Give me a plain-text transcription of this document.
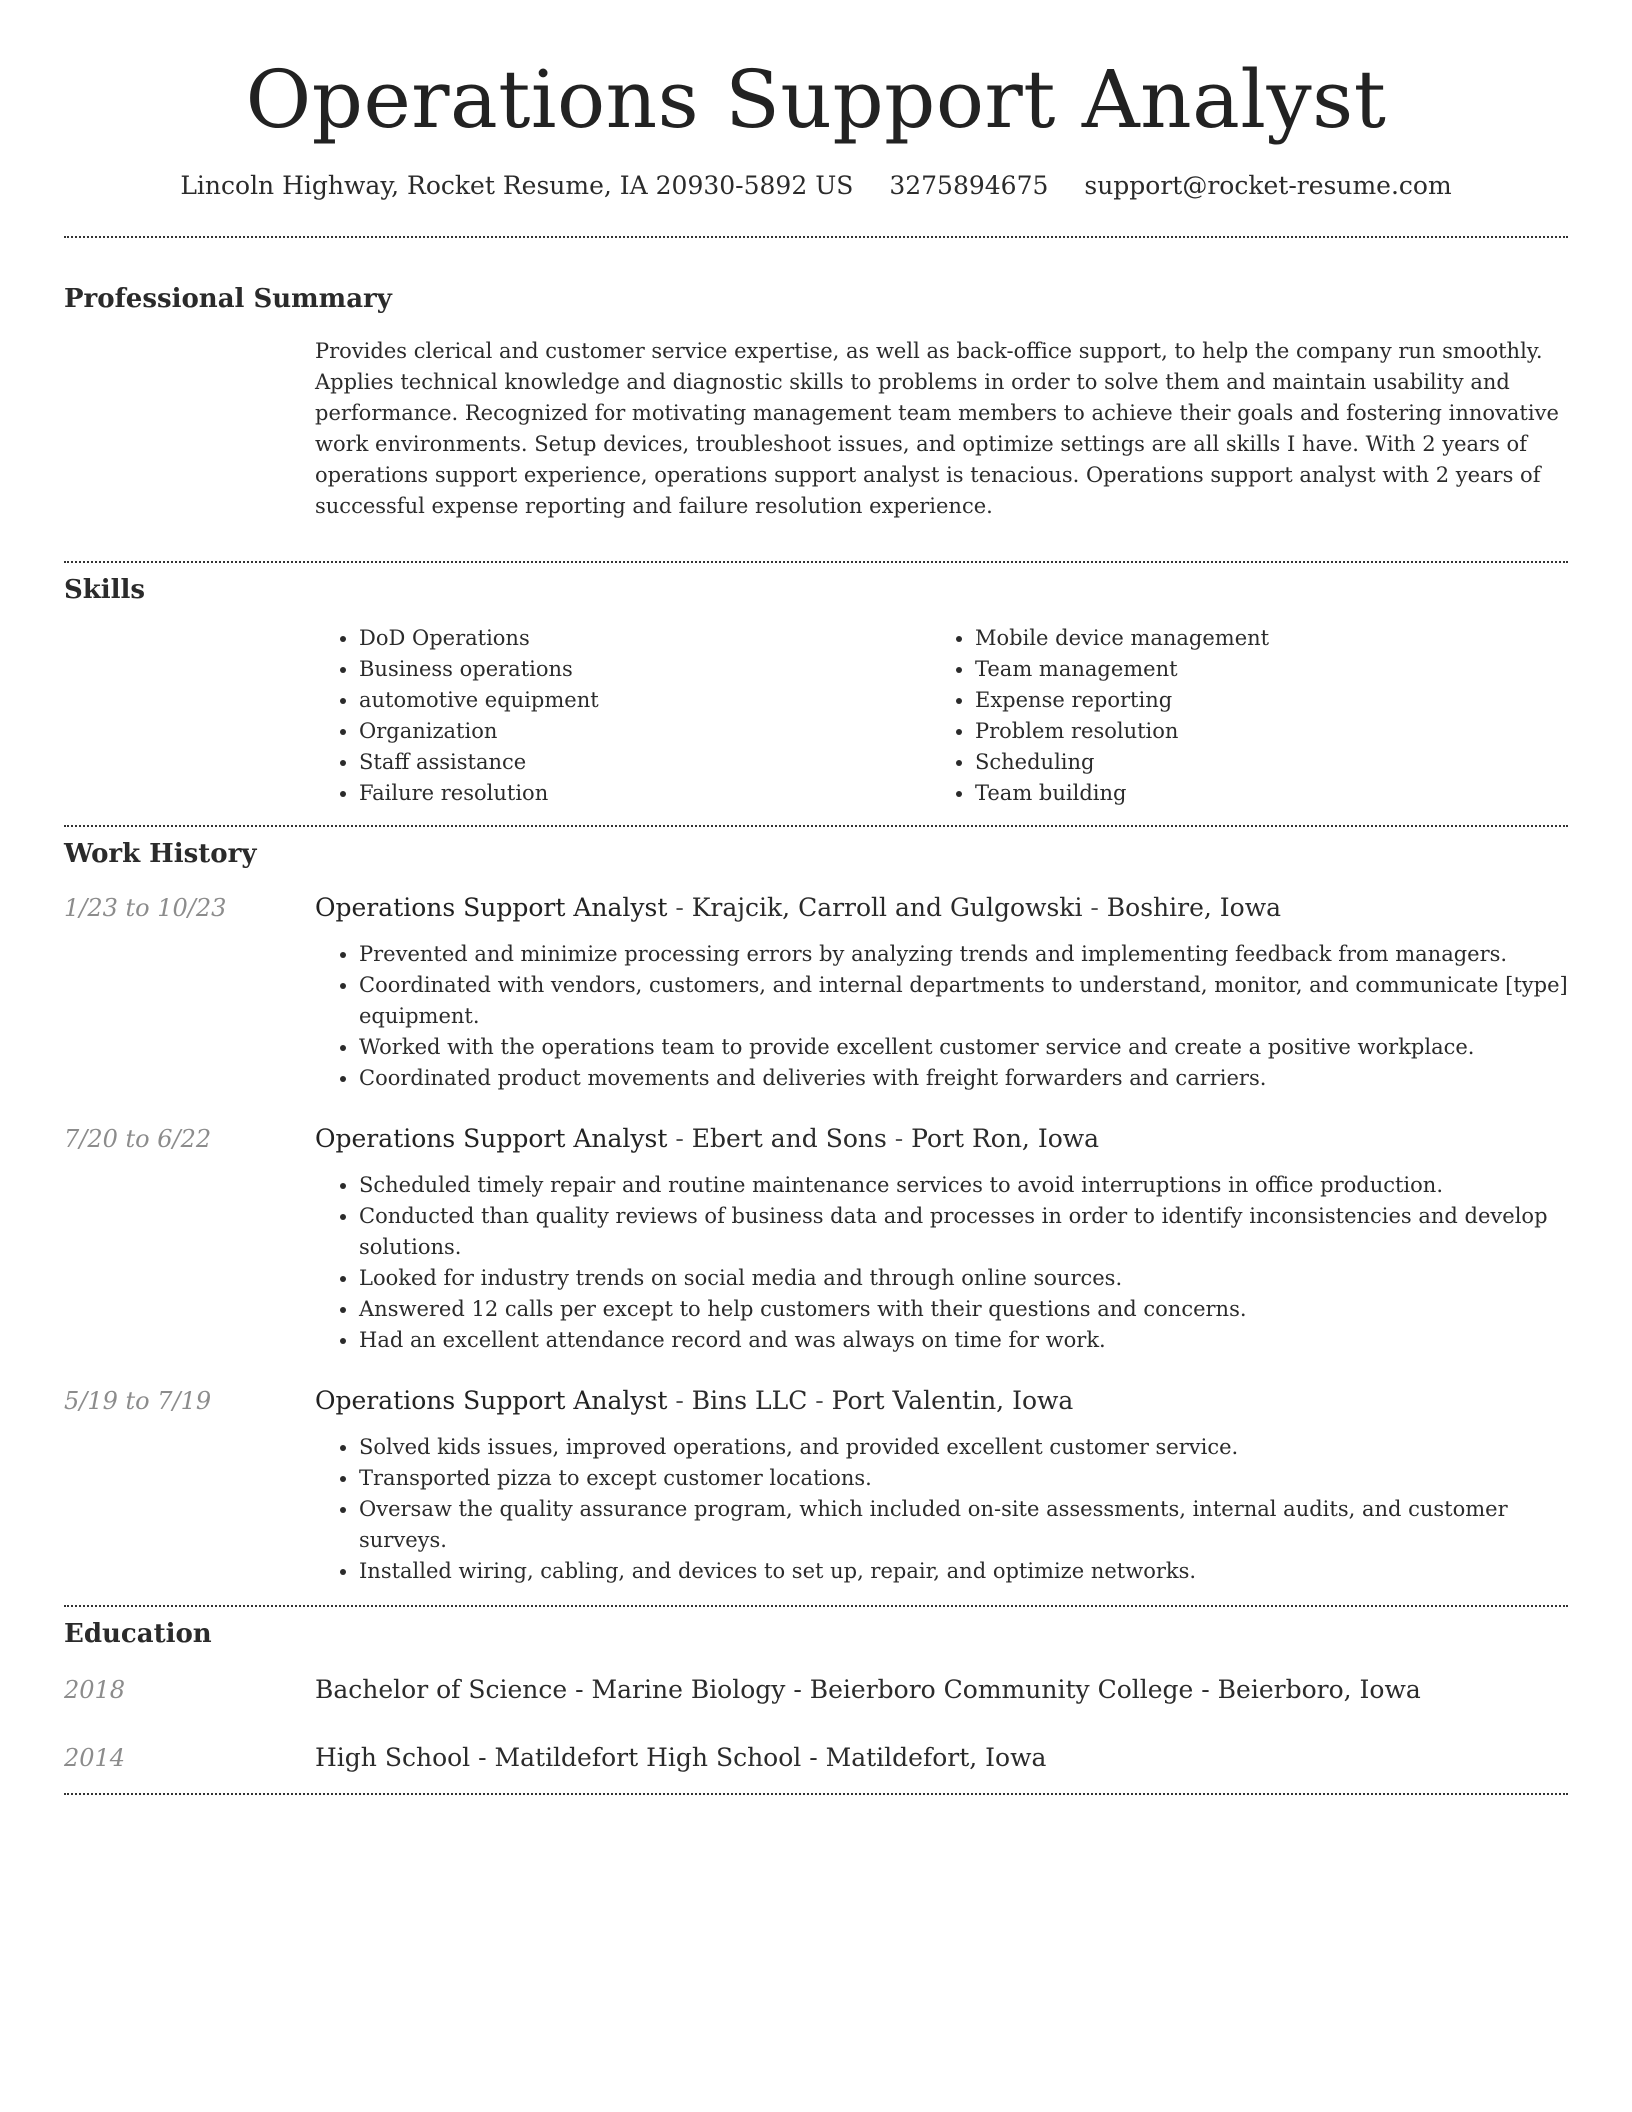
Operations Support Analyst
Lincoln Highway, Rocket Resume, IA 20930-5892 US 3275894675 support@rocket-resume.com
Professional Summary

Provides clerical and customer service expertise, as well as back-office support, to help the company run smoothly. Applies technical knowledge and diagnostic skills to problems in order to solve them and maintain usability and performance. Recognized for motivating management team members to achieve their goals and fostering innovative work environments. Setup devices, troubleshoot issues, and optimize settings are all skills I have. With 2 years of operations support experience, operations support analyst is tenacious. Operations support analyst with 2 years of successful expense reporting and failure resolution experience.

Skills
• DoD Operations
• Business operations
• automotive equipment
• Organization
• Staff assistance
• Failure resolution
• Mobile device management
• Team management
• Expense reporting
• Problem resolution
• Scheduling
• Team building
Work History
1/23 to 10/23	Operations Support Analyst - Krajcik, Carroll and Gulgowski - Boshire, Iowa
• Prevented and minimize processing errors by analyzing trends and implementing feedback from managers.
• Coordinated with vendors, customers, and internal departments to understand, monitor, and communicate [type] equipment.
• Worked with the operations team to provide excellent customer service and create a positive workplace.
• Coordinated product movements and deliveries with freight forwarders and carriers.
7/20 to 6/22	Operations Support Analyst - Ebert and Sons - Port Ron, Iowa
• Scheduled timely repair and routine maintenance services to avoid interruptions in office production.
• Conducted than quality reviews of business data and processes in order to identify inconsistencies and develop solutions.
• Looked for industry trends on social media and through online sources.
• Answered 12 calls per except to help customers with their questions and concerns.
• Had an excellent attendance record and was always on time for work.
5/19 to 7/19	Operations Support Analyst - Bins LLC - Port Valentin, Iowa
• Solved kids issues, improved operations, and provided excellent customer service.
• Transported pizza to except customer locations.
• Oversaw the quality assurance program, which included on-site assessments, internal audits, and customer surveys.
• Installed wiring, cabling, and devices to set up, repair, and optimize networks.
Education
2018	Bachelor of Science - Marine Biology - Beierboro Community College - Beierboro, Iowa
2014	High School - Matildefort High School - Matildefort, Iowa
